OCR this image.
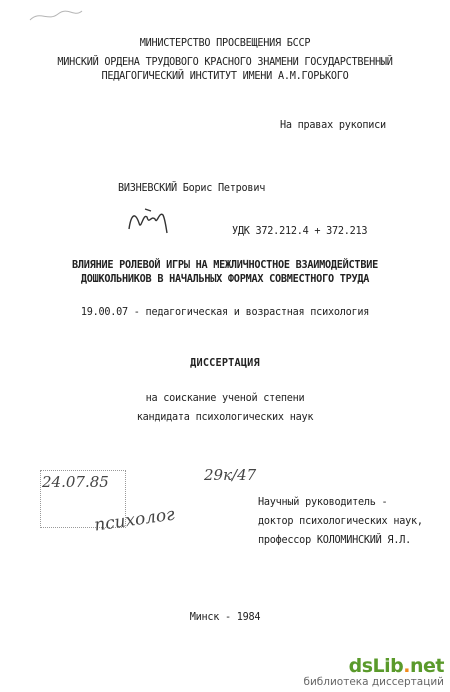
МИНИСТЕРСТВО ПРОСВЕЩЕНИЯ БССР
МИНСКИЙ ОРДЕНА ТРУДОВОГО КРАСНОГО ЗНАМЕНИ ГОСУДАРСТВЕННЫЙ
ПЕДАГОГИЧЕСКИЙ ИНСТИТУТ ИМЕНИ А.М.ГОРЬКОГО
На правах рукописи
ВИЗНЕВСКИЙ Борис Петрович
УДК 372.212.4 + 372.213
ВЛИЯНИЕ РОЛЕВОЙ ИГРЫ НА МЕЖЛИЧНОСТНОЕ ВЗАИМОДЕЙСТВИЕ
ДОШКОЛЬНИКОВ В НАЧАЛЬНЫХ ФОРМАХ СОВМЕСТНОГО ТРУДА
19.00.07 - педагогическая и возрастная психология
ДИССЕРТАЦИЯ
на соискание ученой степени
кандидата психологических наук
24.07.85	29к/47
психолог
Научный руководитель -
доктор психологических наук,
профессор КОЛОМИНСКИЙ Я.Л.
Минск - 1984
dsLib.net
библиотека диссертаций
